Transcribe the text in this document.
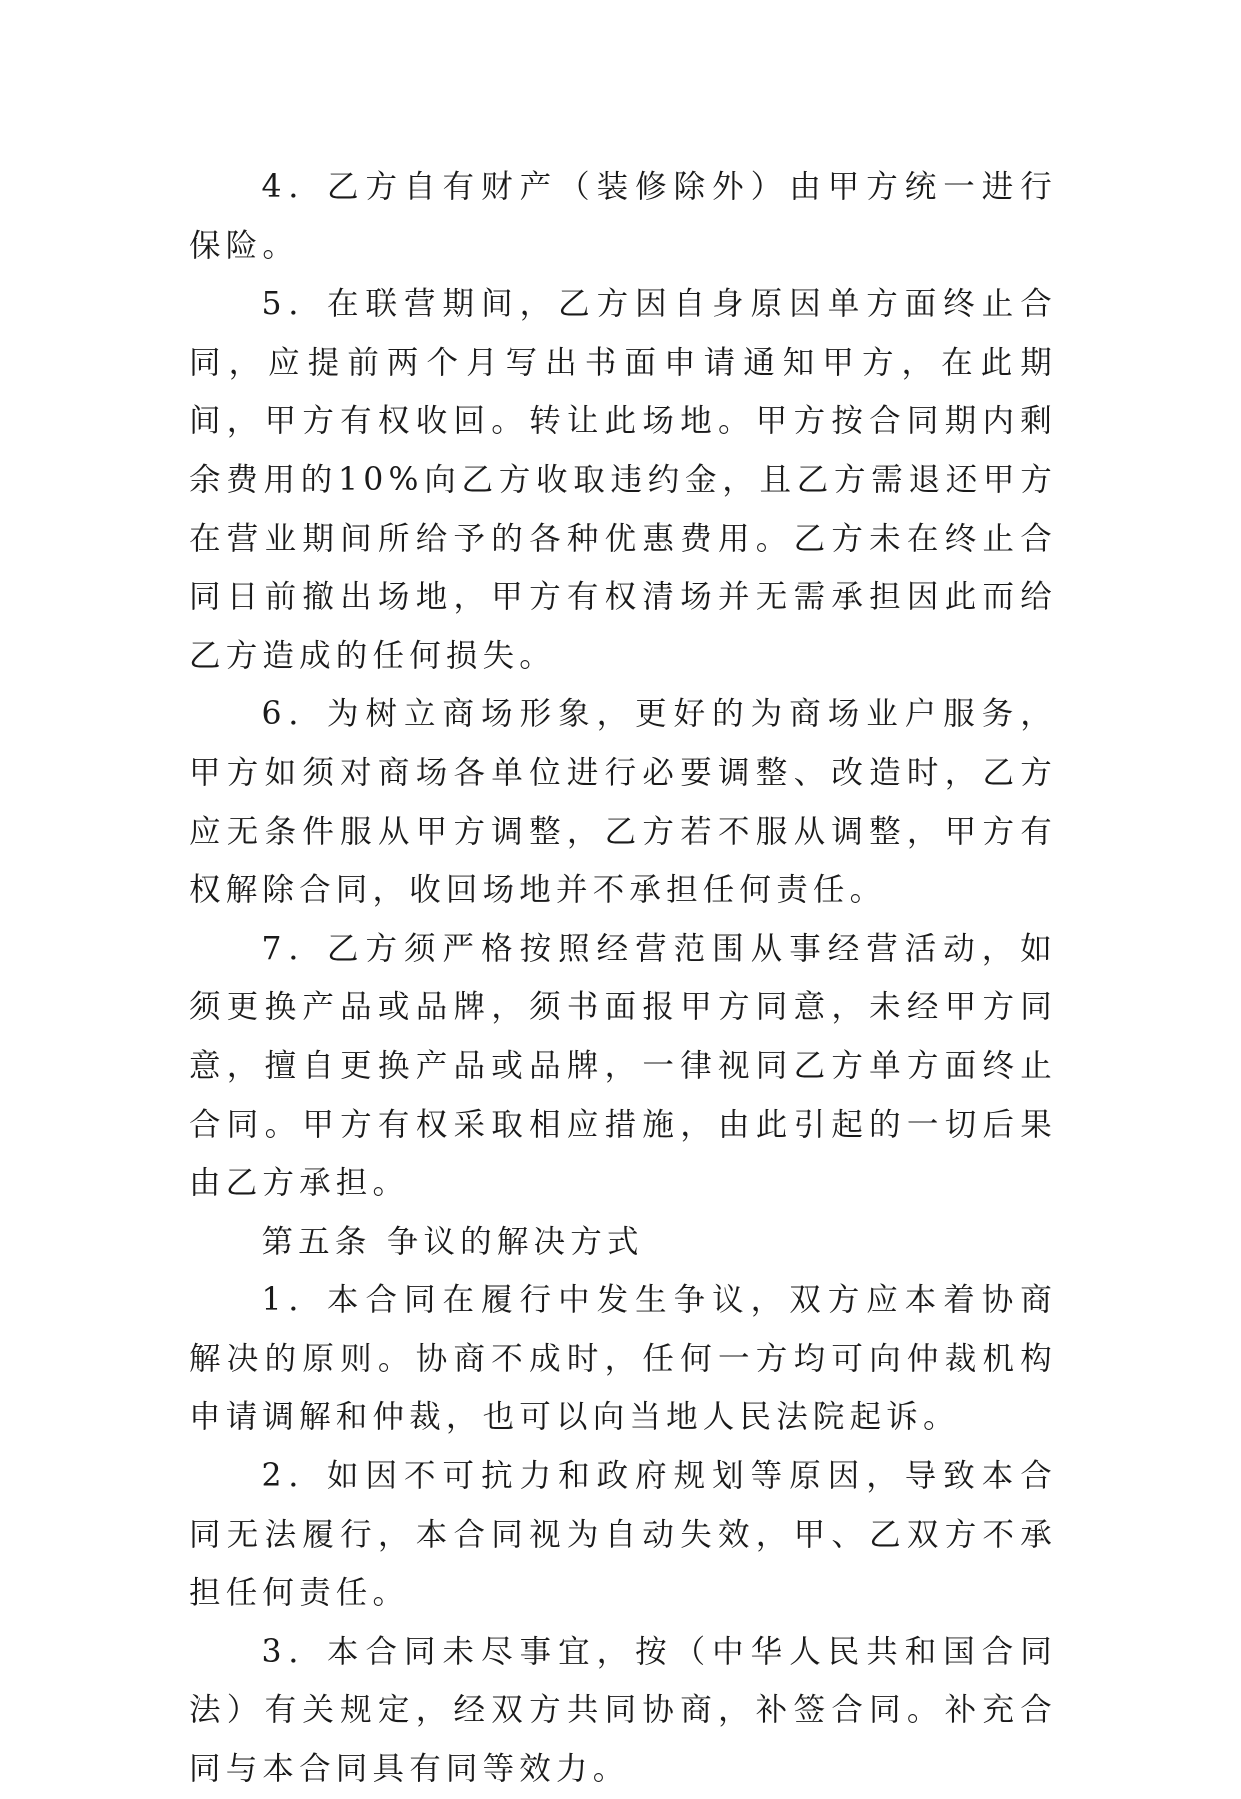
4．乙方自有财产（装修除外）由甲方统一进行保险。

5．在联营期间，乙方因自身原因单方面终止合同，应提前两个月写出书面申请通知甲方，在此期间，甲方有权收回。转让此场地。甲方按合同期内剩余费用的10%向乙方收取违约金，且乙方需退还甲方在营业期间所给予的各种优惠费用。乙方未在终止合同日前撤出场地，甲方有权清场并无需承担因此而给乙方造成的任何损失。

6．为树立商场形象，更好的为商场业户服务，甲方如须对商场各单位进行必要调整、改造时，乙方应无条件服从甲方调整，乙方若不服从调整，甲方有权解除合同，收回场地并不承担任何责任。

7．乙方须严格按照经营范围从事经营活动，如须更换产品或品牌，须书面报甲方同意，未经甲方同意，擅自更换产品或品牌，一律视同乙方单方面终止合同。甲方有权采取相应措施，由此引起的一切后果由乙方承担。

第五条 争议的解决方式

1．本合同在履行中发生争议，双方应本着协商解决的原则。协商不成时，任何一方均可向仲裁机构申请调解和仲裁，也可以向当地人民法院起诉。

2．如因不可抗力和政府规划等原因，导致本合同无法履行，本合同视为自动失效，甲、乙双方不承担任何责任。

3．本合同未尽事宜，按（中华人民共和国合同法）有关规定，经双方共同协商，补签合同。补充合同与本合同具有同等效力。
